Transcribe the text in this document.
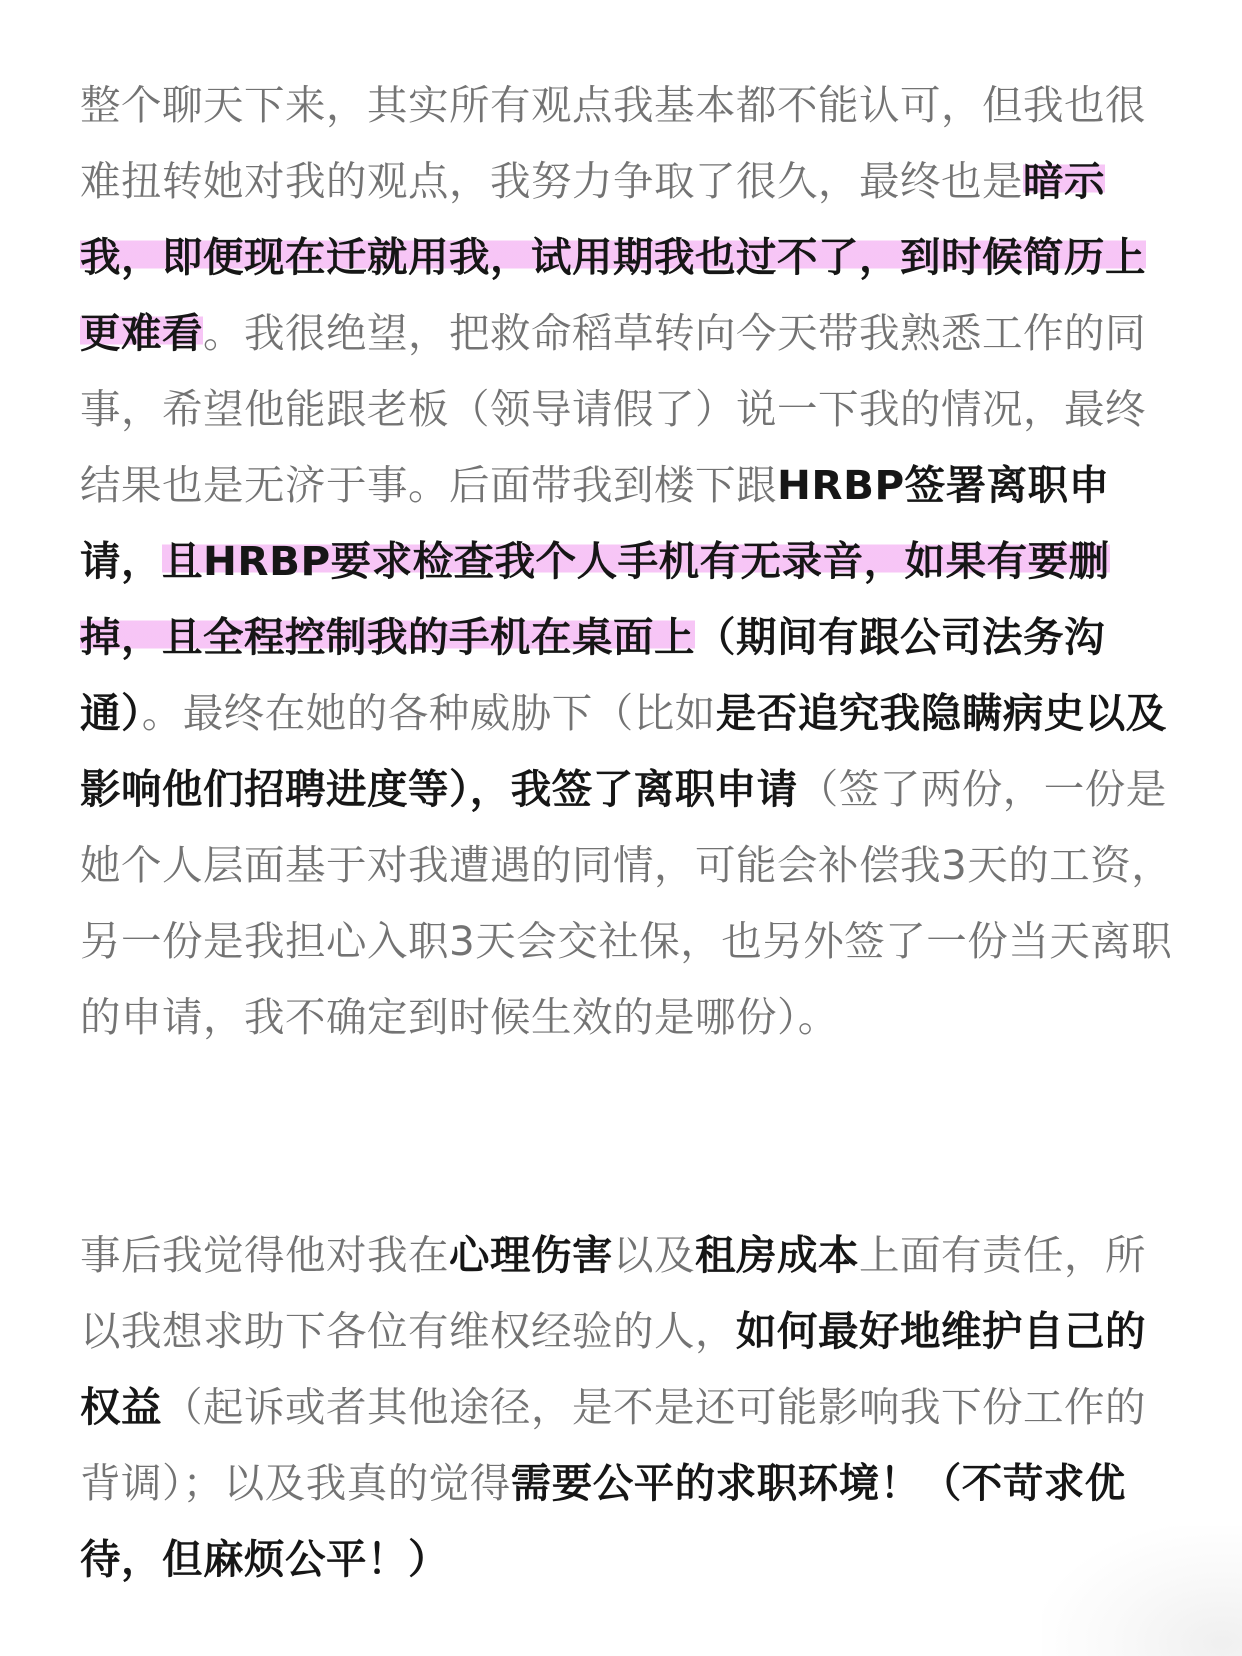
整个聊天下来，其实所有观点我基本都不能认可，但我也很难扭转她对我的观点，我努力争取了很久，最终也是暗示我，即便现在迁就用我，试用期我也过不了，到时候简历上更难看。我很绝望，把救命稻草转向今天带我熟悉工作的同事，希望他能跟老板（领导请假了）说一下我的情况，最终结果也是无济于事。后面带我到楼下跟HRBP签署离职申请，且HRBP要求检查我个人手机有无录音，如果有要删掉，且全程控制我的手机在桌面上（期间有跟公司法务沟通）。最终在她的各种威胁下（比如是否追究我隐瞒病史以及影响他们招聘进度等），我签了离职申请（签了两份，一份是她个人层面基于对我遭遇的同情，可能会补偿我3天的工资，另一份是我担心入职3天会交社保，也另外签了一份当天离职的申请，我不确定到时候生效的是哪份）。

事后我觉得他对我在心理伤害以及租房成本上面有责任，所以我想求助下各位有维权经验的人，如何最好地维护自己的权益（起诉或者其他途径，是不是还可能影响我下份工作的背调）；以及我真的觉得需要公平的求职环境！（不苛求优待，但麻烦公平！）
